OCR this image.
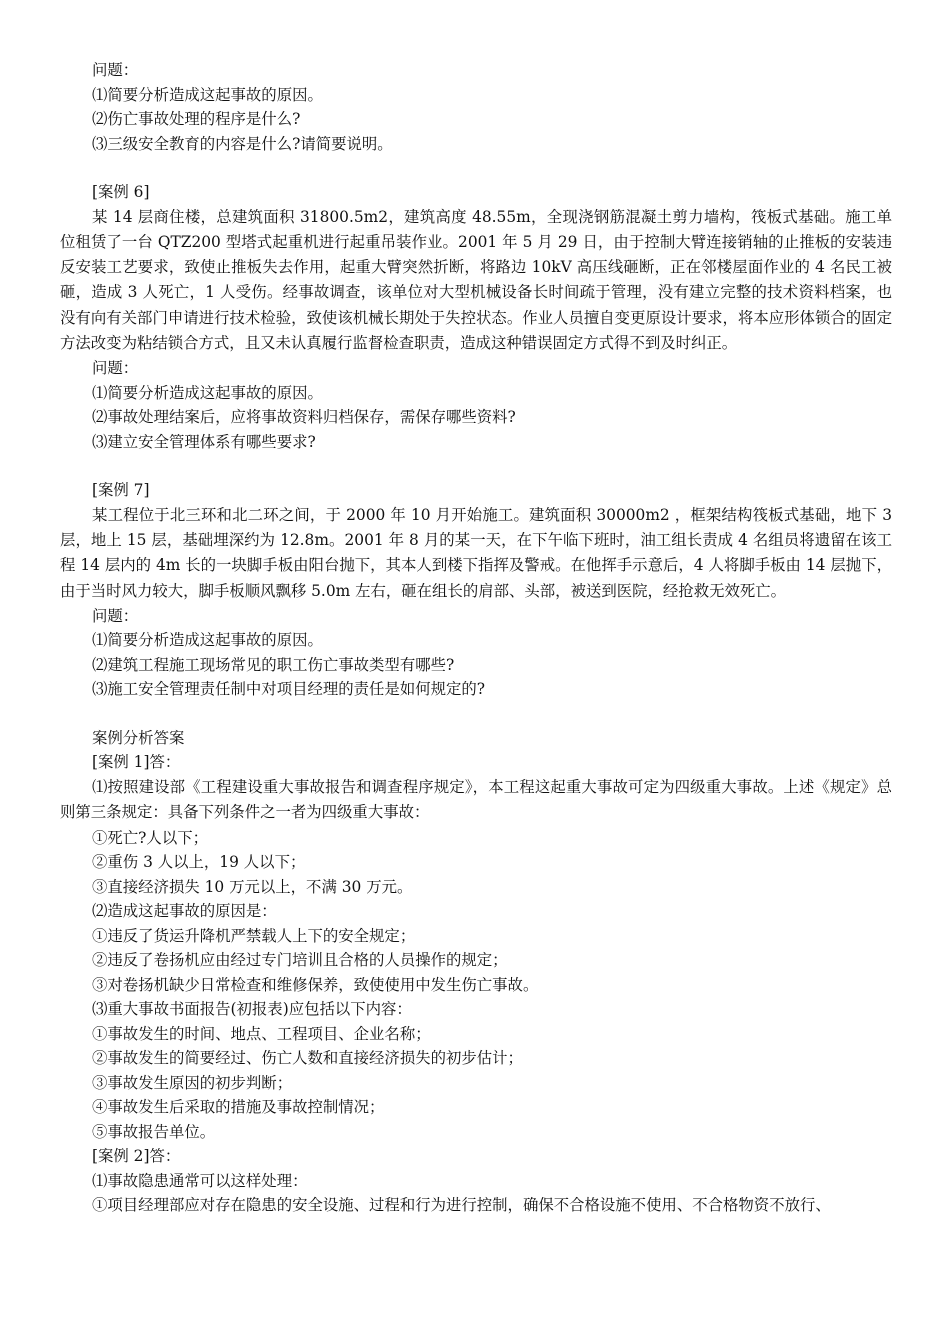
问题：
⑴简要分析造成这起事故的原因。
⑵伤亡事故处理的程序是什么?
⑶三级安全教育的内容是什么?请简要说明。
[案例 6]
某 14 层商住楼，总建筑面积 31800.5m2，建筑高度 48.55m，全现浇钢筋混凝土剪力墙构，筏板式基础。施工单位租赁了一台 QTZ200 型塔式起重机进行起重吊装作业。2001 年 5 月 29 日，由于控制大臂连接销轴的止推板的安装违反安装工艺要求，致使止推板失去作用，起重大臂突然折断，将路边 10kV 高压线砸断，正在邻楼屋面作业的 4 名民工被砸，造成 3 人死亡，1 人受伤。经事故调查，该单位对大型机械设备长时间疏于管理，没有建立完整的技术资料档案，也没有向有关部门申请进行技术检验，致使该机械长期处于失控状态。作业人员擅自变更原设计要求，将本应形体锁合的固定方法改变为粘结锁合方式，且又未认真履行监督检查职责，造成这种错误固定方式得不到及时纠正。
问题：
⑴简要分析造成这起事故的原因。
⑵事故处理结案后，应将事故资料归档保存，需保存哪些资料?
⑶建立安全管理体系有哪些要求?
[案例 7]
某工程位于北三环和北二环之间，于 2000 年 10 月开始施工。建筑面积 30000m2 ，框架结构筏板式基础，地下 3 层，地上 15 层，基础埋深约为 12.8m。2001 年 8 月的某一天，在下午临下班时，油工组长责成 4 名组员将遗留在该工程 14 层内的 4m 长的一块脚手板由阳台抛下，其本人到楼下指挥及警戒。在他挥手示意后，4 人将脚手板由 14 层抛下，由于当时风力较大，脚手板顺风飘移 5.0m 左右，砸在组长的肩部、头部，被送到医院，经抢救无效死亡。
问题：
⑴简要分析造成这起事故的原因。
⑵建筑工程施工现场常见的职工伤亡事故类型有哪些?
⑶施工安全管理责任制中对项目经理的责任是如何规定的?
案例分析答案
[案例 1]答：
⑴按照建设部《工程建设重大事故报告和调查程序规定》，本工程这起重大事故可定为四级重大事故。上述《规定》总则第三条规定：具备下列条件之一者为四级重大事故：
①死亡?人以下；
②重伤 3 人以上，19 人以下；
③直接经济损失 10 万元以上，不满 30 万元。
⑵造成这起事故的原因是：
①违反了货运升降机严禁载人上下的安全规定；
②违反了卷扬机应由经过专门培训且合格的人员操作的规定；
③对卷扬机缺少日常检查和维修保养，致使使用中发生伤亡事故。
⑶重大事故书面报告(初报表)应包括以下内容：
①事故发生的时间、地点、工程项目、企业名称；
②事故发生的简要经过、伤亡人数和直接经济损失的初步估计；
③事故发生原因的初步判断；
④事故发生后采取的措施及事故控制情况；
⑤事故报告单位。
[案例 2]答：
⑴事故隐患通常可以这样处理：
①项目经理部应对存在隐患的安全设施、过程和行为进行控制，确保不合格设施不使用、不合格物资不放行、
